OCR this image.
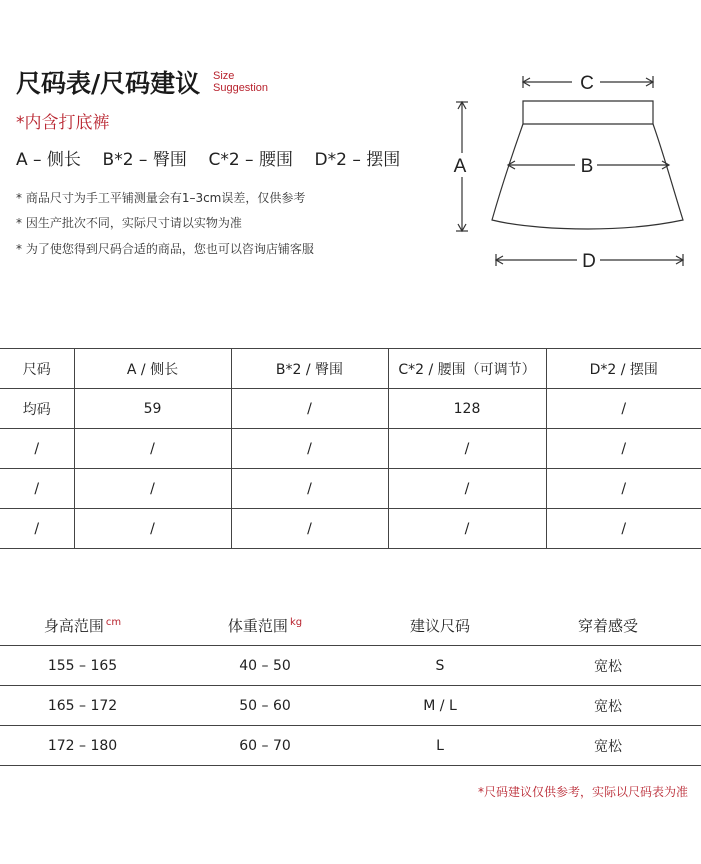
尺码表/尺码建议 Size
Suggestion
*内含打底裤
A – 侧长    B*2 – 臀围    C*2 – 腰围    D*2 – 摆围
* 商品尺寸为手工平铺测量会有1–3cm误差，仅供参考
* 因生产批次不同，实际尺寸请以实物为准
* 为了使您得到尺码合适的商品，您也可以咨询店铺客服
C
B
A
D
尺码	A / 侧长	B*2 / 臀围	C*2 / 腰围（可调节）	D*2 / 摆围
均码	59	/	128	/
/	/	/	/	/
/	/	/	/	/
/	/	/	/	/
身高范围 $^{cm}$	体重范围 $^{kg}$	建议尺码	穿着感受
155 – 165	40 – 50	S	宽松
165 – 172	50 – 60	M / L	宽松
172 – 180	60 – 70	L	宽松
*尺码建议仅供参考，实际以尺码表为准
